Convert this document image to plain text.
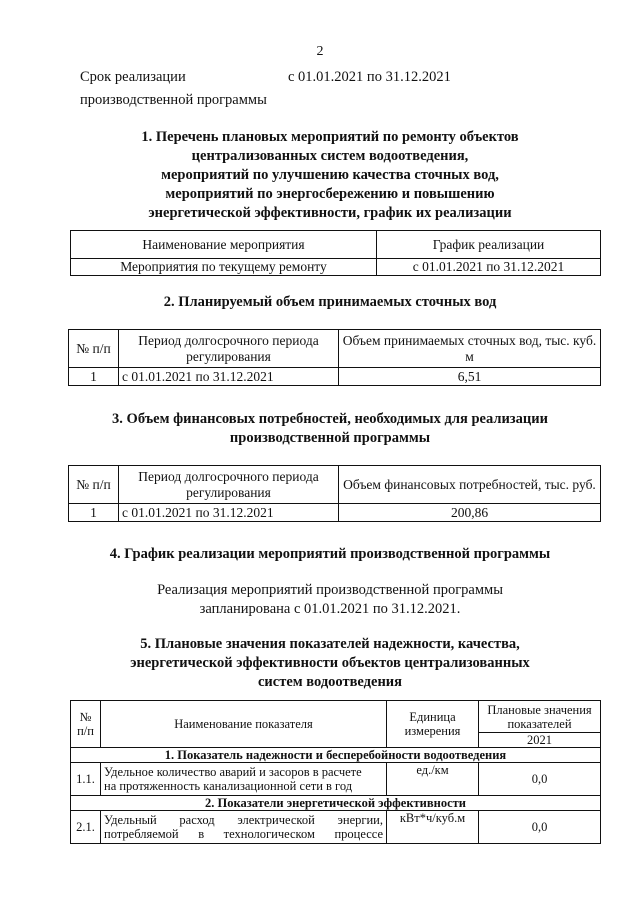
2
Срок реализации
производственной программы
с 01.01.2021 по 31.12.2021
1. Перечень плановых мероприятий по ремонту объектов
централизованных систем водоотведения,
мероприятий по улучшению качества сточных вод,
мероприятий по энергосбережению и повышению
энергетической эффективности, график их реализации
Наименование мероприятия	График реализации
Мероприятия по текущему ремонту	с 01.01.2021 по 31.12.2021
2. Планируемый объем принимаемых сточных вод
№ п/п	Период долгосрочного периода регулирования	Объем принимаемых сточных вод, тыс. куб. м
1	с 01.01.2021 по 31.12.2021	6,51
3. Объем финансовых потребностей, необходимых для реализации
производственной программы
№ п/п	Период долгосрочного периода регулирования	Объем финансовых потребностей, тыс. руб.
1	с 01.01.2021 по 31.12.2021	200,86
4. График реализации мероприятий производственной программы
Реализация мероприятий производственной программы
запланирована с 01.01.2021 по 31.12.2021.
5. Плановые значения показателей надежности, качества,
энергетической эффективности объектов централизованных
систем водоотведения
№ п/п	Наименование показателя	Единица измерения	Плановые значения показателей
			2021
1. Показатель надежности и бесперебойности водоотведения			
1.1.	Удельное количество аварий и засоров в расчете
на протяженность канализационной сети в год	ед./км	0,0
2. Показатели энергетической эффективности			
2.1.	Удельный расход электрической энергии,
потребляемой в технологическом процессе	кВт*ч/куб.м	0,0
